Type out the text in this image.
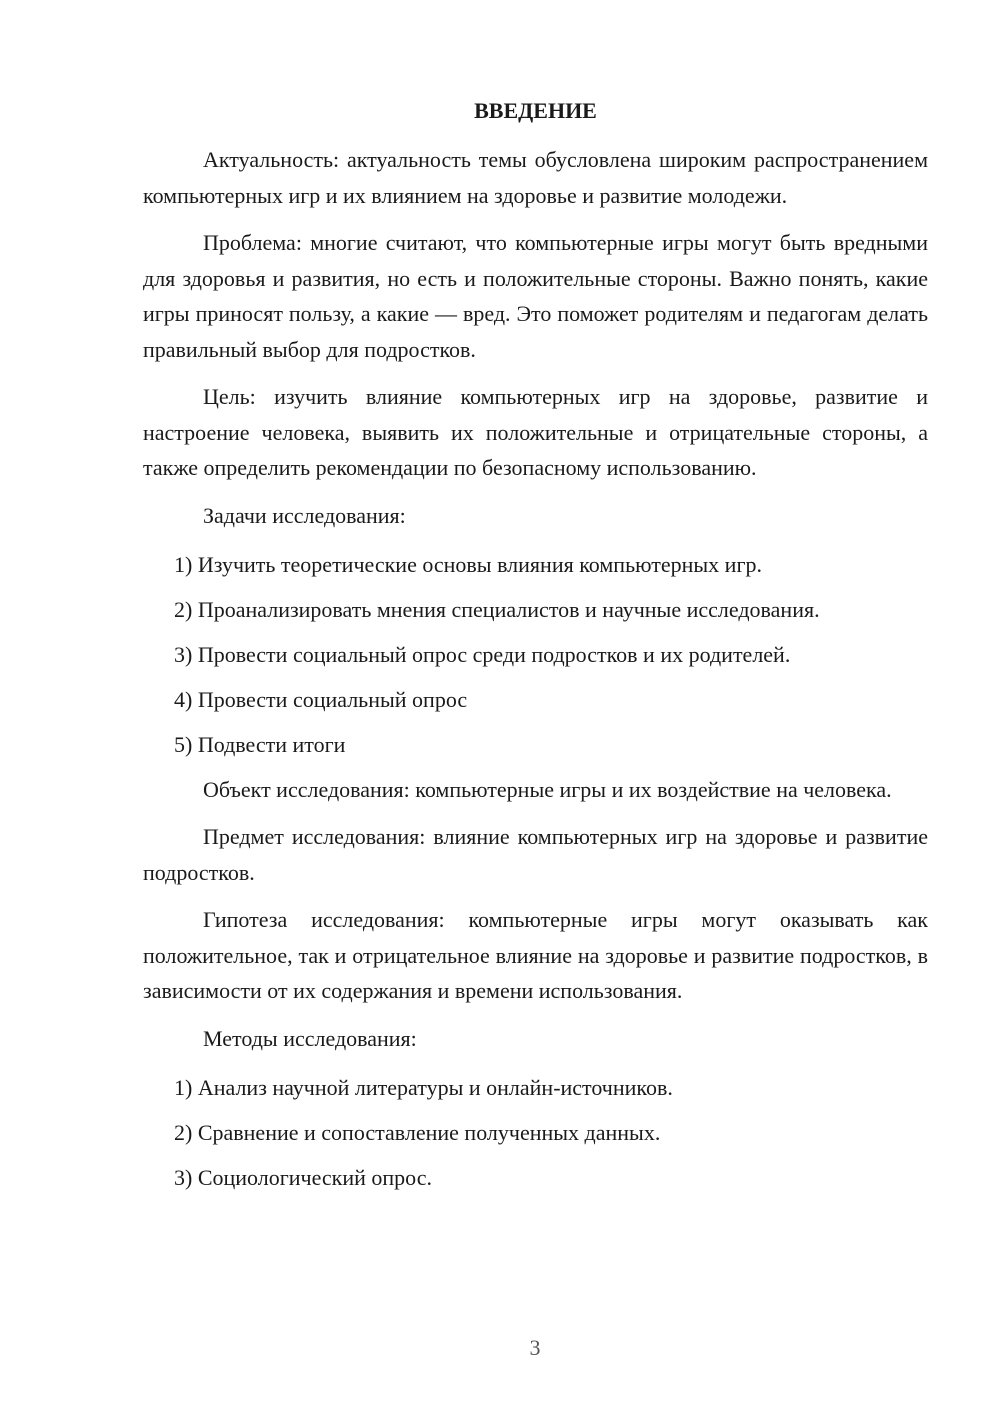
ВВЕДЕНИЕ

Актуальность: актуальность темы обусловлена широким распространением компьютерных игр и их влиянием на здоровье и развитие молодежи.

Проблема: многие считают, что компьютерные игры могут быть вредными для здоровья и развития, но есть и положительные стороны. Важно понять, какие игры приносят пользу, а какие — вред. Это поможет родителям и педагогам делать правильный выбор для подростков.

Цель: изучить влияние компьютерных игр на здоровье, развитие и настроение человека, выявить их положительные и отрицательные стороны, а также определить рекомендации по безопасному использованию.

Задачи исследования:

1) Изучить теоретические основы влияния компьютерных игр.
2) Проанализировать мнения специалистов и научные исследования.
3) Провести социальный опрос среди подростков и их родителей.
4) Провести социальный опрос
5) Подвести итоги

Объект исследования: компьютерные игры и их воздействие на человека.

Предмет исследования: влияние компьютерных игр на здоровье и развитие подростков.

Гипотеза исследования: компьютерные игры могут оказывать как положительное, так и отрицательное влияние на здоровье и развитие подростков, в зависимости от их содержания и времени использования.

Методы исследования:

1) Анализ научной литературы и онлайн-источников.
2) Сравнение и сопоставление полученных данных.
3) Социологический опрос.
3
